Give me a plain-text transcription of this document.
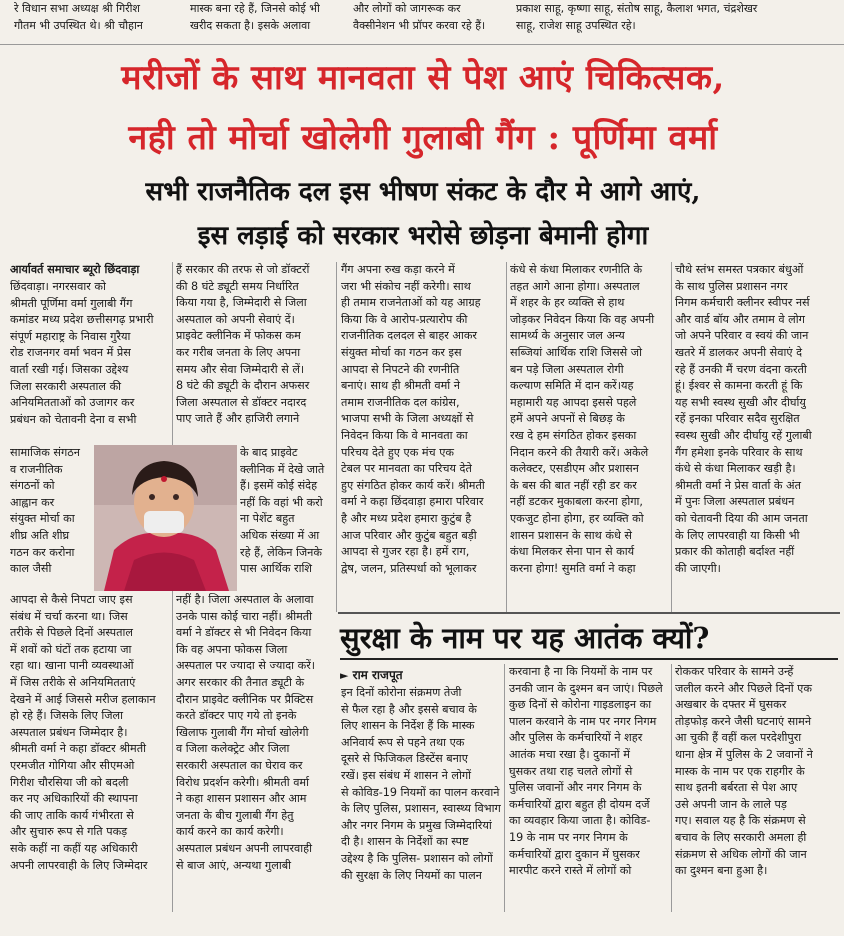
रे विधान सभा अध्यक्ष श्री गिरीश
गौतम भी उपस्थित थे। श्री चौहान
मास्क बना रहे हैं, जिनसे कोई भी
खरीद सकता है। इसके अलावा
और लोगों को जागरूक कर
वैक्सीनेशन भी प्रॉपर करवा रहे हैं।
प्रकाश साहू, कृष्णा साहू, संतोष साहू, कैलाश भगत, चंद्रशेखर
साहू, राजेश साहू उपस्थित रहे।
मरीजों के साथ मानवता से पेश आएं चिकित्सक,
नही तो मोर्चा खोलेगी गुलाबी गैंग : पूर्णिमा वर्मा
सभी राजनैतिक दल इस भीषण संकट के दौर मे आगे आएं,
इस लड़ाई को सरकार भरोसे छोड़ना बेमानी होगा
आर्यावर्त समाचार ब्यूरो छिंदवाड़ा
छिंदवाड़ा। नगरसवार को
श्रीमती पूर्णिमा वर्मा गुलाबी गैंग
कमांडर मध्य प्रदेश छत्तीसगढ़ प्रभारी
संपूर्ण महाराष्ट्र के निवास गुरैया
रोड राजनगर वर्मा भवन में प्रेस
वार्ता रखी गई। जिसका उद्देश्य
जिला सरकारी अस्पताल की
अनियमितताओं को उजागर कर
प्रबंधन को चेतावनी देना व सभी
सामाजिक संगठन
व राजनीतिक
संगठनों को
आह्वान कर
संयुक्त मोर्चा का
शीघ्र अति शीघ्र
गठन कर करोना
काल जैसी
आपदा से कैसे निपटा जाए इस
संबंध में चर्चा करना था। जिस
तरीके से पिछले दिनों अस्पताल
में शवों को घंटों तक हटाया जा
रहा था। खाना पानी व्यवस्थाओं
में जिस तरीके से अनियमितताएं
देखने में आई जिससे मरीज हलाकान
हो रहे हैं। जिसके लिए जिला
अस्पताल प्रबंधन जिम्मेदार है।
श्रीमती वर्मा ने कहा डॉक्टर श्रीमती
एरमजीत गोगिया और सीएमओ
गिरीश चौरसिया जी को बदली
कर नए अधिकारियों की स्थापना
की जाए ताकि कार्य गंभीरता से
और सुचारु रूप से गति पकड़
सके कहीं ना कहीं यह अधिकारी
अपनी लापरवाही के लिए जिम्मेदार
हैं सरकार की तरफ से जो डॉक्टरों
की 8 घंटे ड्यूटी समय निर्धारित
किया गया है, जिम्मेदारी से जिला
अस्पताल को अपनी सेवाएं दें।
प्राइवेट क्लीनिक में फोकस कम
कर गरीब जनता के लिए अपना
समय और सेवा जिम्मेदारी से लें।
8 घंटे की ड्यूटी के दौरान अफसर
जिला अस्पताल से डॉक्टर नदारद
पाए जाते हैं और हाजिरी लगाने
के बाद प्राइवेट
क्लीनिक में देखे जाते
हैं। इसमें कोई संदेह
नहीं कि वहां भी करो
ना पेशेंट बहुत
अधिक संख्या में आ
रहे हैं, लेकिन जिनके
पास आर्थिक राशि
नहीं है। जिला अस्पताल के अलावा
उनके पास कोई चारा नहीं। श्रीमती
वर्मा ने डॉक्टर से भी निवेदन किया
कि वह अपना फोकस जिला
अस्पताल पर ज्यादा से ज्यादा करें।
अगर सरकार की तैनात ड्यूटी के
दौरान प्राइवेट क्लीनिक पर प्रैक्टिस
करते डॉक्टर पाए गये तो इनके
खिलाफ गुलाबी गैंग मोर्चा खोलेगी
व जिला कलेक्ट्रेट और जिला
सरकारी अस्पताल का घेराव कर
विरोध प्रदर्शन करेगी। श्रीमती वर्मा
ने कहा शासन प्रशासन और आम
जनता के बीच गुलाबी गैंग हेतु
कार्य करने का कार्य करेगी।
अस्पताल प्रबंधन अपनी लापरवाही
से बाज आएं, अन्यथा गुलाबी
गैंग अपना रुख कड़ा करने में
जरा भी संकोच नहीं करेगी। साथ
ही तमाम राजनेताओं को यह आग्रह
किया कि वे आरोप-प्रत्यारोप की
राजनीतिक दलदल से बाहर आकर
संयुक्त मोर्चा का गठन कर इस
आपदा से निपटने की रणनीति
बनाएं। साथ ही श्रीमती वर्मा ने
तमाम राजनीतिक दल कांग्रेस,
भाजपा सभी के जिला अध्यक्षों से
निवेदन किया कि वे मानवता का
परिचय देते हुए एक मंच एक
टेबल पर मानवता का परिचय देते
हुए संगठित होकर कार्य करें। श्रीमती
वर्मा ने कहा छिंदवाड़ा हमारा परिवार
है और मध्य प्रदेश हमारा कुटुंब है
आज परिवार और कुटुंब बहुत बड़ी
आपदा से गुजर रहा है। हमें राग,
द्वेष, जलन, प्रतिस्पर्धा को भूलाकर
कंधे से कंधा मिलाकर रणनीति के
तहत आगे आना होगा। अस्पताल
में शहर के हर व्यक्ति से हाथ
जोड़कर निवेदन किया कि वह अपनी
सामर्थ्य के अनुसार जल अन्य
सब्जियां आर्थिक राशि जिससे जो
बन पड़े जिला अस्पताल रोगी
कल्याण समिति में दान करें।यह
महामारी यह आपदा इससे पहले
हमें अपने अपनों से बिछड़ के
रख दे हम संगठित होकर इसका
निदान करने की तैयारी करें। अकेले
कलेक्टर, एसडीएम और प्रशासन
के बस की बात नहीं रही डर कर
नहीं डटकर मुकाबला करना होगा,
एकजुट होना होगा, हर व्यक्ति को
शासन प्रशासन के साथ कंधे से
कंधा मिलकर सेना पान से कार्य
करना होगा! सुमति वर्मा ने कहा
चौथे स्तंभ समस्त पत्रकार बंधुओं
के साथ पुलिस प्रशासन नगर
निगम कर्मचारी क्लीनर स्वीपर नर्स
और वार्ड बॉय और तमाम वे लोग
जो अपने परिवार व स्वयं की जान
खतरे में डालकर अपनी सेवाएं दे
रहे हैं उनकी मैं चरण वंदना करती
हूं। ईश्वर से कामना करती हूं कि
यह सभी स्वस्थ सुखी और दीर्घायु
रहें इनका परिवार सदैव सुरक्षित
स्वस्थ सुखी और दीर्घायु रहें गुलाबी
गैंग हमेशा इनके परिवार के साथ
कंधे से कंधा मिलाकर खड़ी है।
श्रीमती वर्मा ने प्रेस वार्ता के अंत
में पुनः जिला अस्पताल प्रबंधन
को चेतावनी दिया की आम जनता
के लिए लापरवाही या किसी भी
प्रकार की कोताही बर्दाश्त नहीं
की जाएगी।
सुरक्षा के नाम पर यह आतंक क्यों?
► राम राजपूत
इन दिनों कोरोना संक्रमण तेजी
से फैल रहा है और इससे बचाव के
लिए शासन के निर्देश हैं कि मास्क
अनिवार्य रूप से पहने तथा एक
दूसरे से फिजिकल डिस्टेंस बनाए
रखें। इस संबंध में शासन ने लोगों
से कोविड-19 नियमों का पालन करवाने
के लिए पुलिस, प्रशासन, स्वास्थ्य विभाग
और नगर निगम के प्रमुख जिम्मेदारियां
दी है। शासन के निर्देशों का स्पष्ट
उद्देश्य है कि पुलिस- प्रशासन को लोगों
की सुरक्षा के लिए नियमों का पालन
करवाना है ना कि नियमों के नाम पर
उनकी जान के दुश्मन बन जाएं। पिछले
कुछ दिनों से कोरोना गाइडलाइन का
पालन करवाने के नाम पर नगर निगम
और पुलिस के कर्मचारियों ने शहर
आतंक मचा रखा है। दुकानों में
घुसकर तथा राह चलते लोगों से
पुलिस जवानों और नगर निगम के
कर्मचारियों द्वारा बहुत ही दोयम दर्जे
का व्यवहार किया जाता है। कोविड-
19 के नाम पर नगर निगम के
कर्मचारियों द्वारा दुकान में घुसकर
मारपीट करने रास्ते में लोगों को
रोककर परिवार के सामने उन्हें
जलील करने और पिछले दिनों एक
अखबार के दफ्तर में घुसकर
तोड़फोड़ करने जैसी घटनाएं सामने
आ चुकी हैं वहीं कल परदेशीपुरा
थाना क्षेत्र में पुलिस के 2 जवानों ने
मास्क के नाम पर एक राहगीर के
साथ इतनी बर्बरता से पेश आए
उसे अपनी जान के लाले पड़
गए। सवाल यह है कि संक्रमण से
बचाव के लिए सरकारी अमला ही
संक्रमण से अधिक लोगों की जान
का दुश्मन बना हुआ है।
